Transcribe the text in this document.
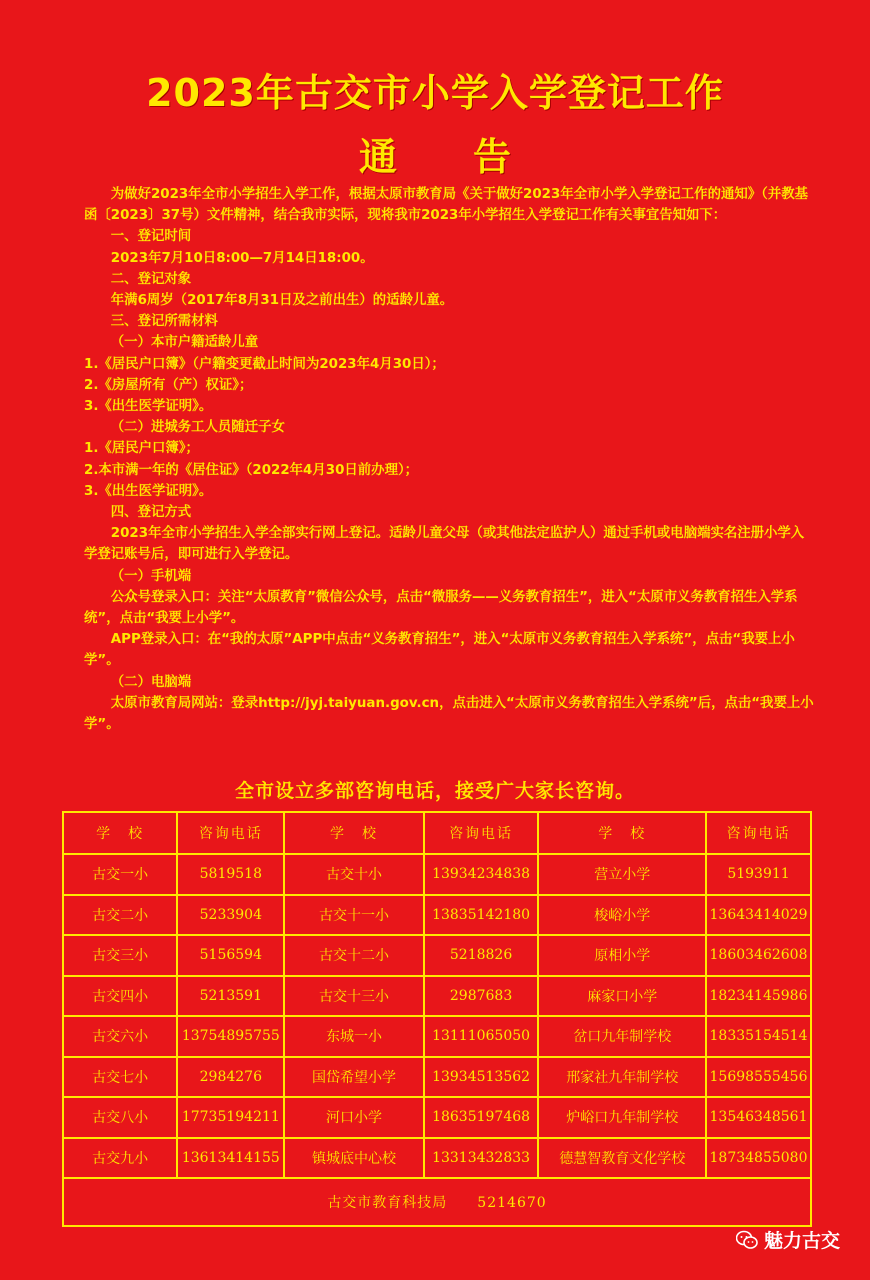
2023年古交市小学入学登记工作
通　　告

为做好2023年全市小学招生入学工作，根据太原市教育局《关于做好2023年全市小学入学登记工作的通知》（并教基函〔2023〕37号）文件精神，结合我市实际，现将我市2023年小学招生入学登记工作有关事宜告知如下：

一、登记时间

2023年7月10日8:00—7月14日18:00。

二、登记对象

年满6周岁（2017年8月31日及之前出生）的适龄儿童。

三、登记所需材料

（一）本市户籍适龄儿童

1.《居民户口簿》（户籍变更截止时间为2023年4月30日）；

2.《房屋所有（产）权证》；

3.《出生医学证明》。

（二）进城务工人员随迁子女

1.《居民户口簿》；

2.本市满一年的《居住证》（2022年4月30日前办理）；

3.《出生医学证明》。

四、登记方式

2023年全市小学招生入学全部实行网上登记。适龄儿童父母（或其他法定监护人）通过手机或电脑端实名注册小学入学登记账号后，即可进行入学登记。

（一）手机端

公众号登录入口：关注“太原教育”微信公众号，点击“微服务——义务教育招生”，进入“太原市义务教育招生入学系统”，点击“我要上小学”。

APP登录入口：在“我的太原”APP中点击“义务教育招生”，进入“太原市义务教育招生入学系统”，点击“我要上小学”。

（二）电脑端

太原市教育局网站：登录http://jyj.taiyuan.gov.cn，点击进入“太原市义务教育招生入学系统”后，点击“我要上小学”。

全市设立多部咨询电话，接受广大家长咨询。
学　校	咨询电话	学　校	咨询电话	学　校	咨询电话
古交一小	5819518	古交十小	13934234838	营立小学	5193911
古交二小	5233904	古交十一小	13835142180	梭峪小学	13643414029
古交三小	5156594	古交十二小	5218826	原相小学	18603462608
古交四小	5213591	古交十三小	2987683	麻家口小学	18234145986
古交六小	13754895755	东城一小	13111065050	岔口九年制学校	18335154514
古交七小	2984276	国岱希望小学	13934513562	邢家社九年制学校	15698555456
古交八小	17735194211	河口小学	18635197468	炉峪口九年制学校	13546348561
古交九小	13613414155	镇城底中心校	13313432833	德慧智教育文化学校	18734855080
古交市教育科技局　　5214670					
魅力古交
